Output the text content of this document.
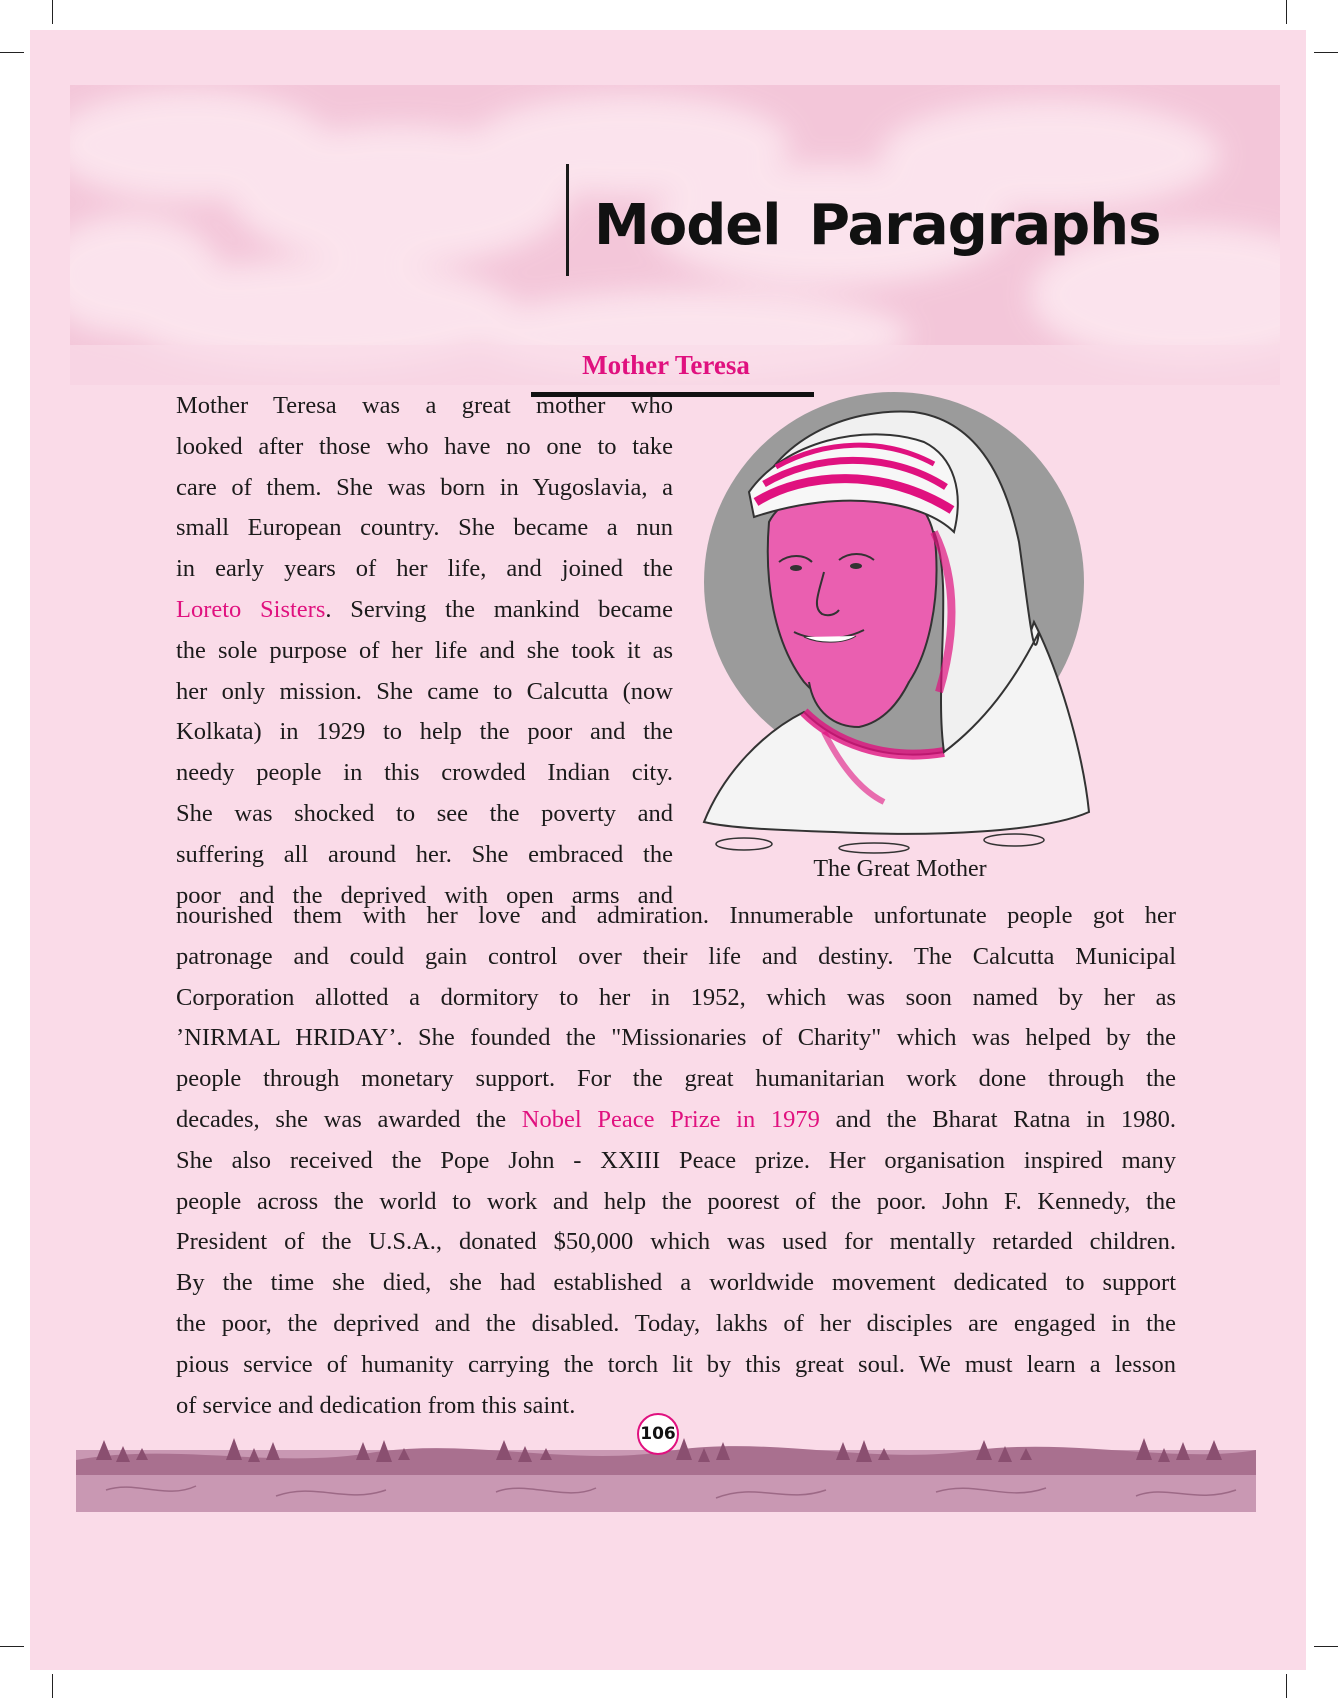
Model Paragraphs
Mother Teresa
Mother Teresa was a great mother who
looked after those who have no one to take
care of them. She was born in Yugoslavia, a
small European country. She became a nun
in early years of her life, and joined the
Loreto Sisters. Serving the mankind became
the sole purpose of her life and she took it as
her only mission. She came to Calcutta (now
Kolkata) in 1929 to help the poor and the
needy people in this crowded Indian city.
She was shocked to see the poverty and
suffering all around her. She embraced the
poor and the deprived with open arms and

The Great Mother

nourished them with her love and admiration. Innumerable unfortunate people got her
patronage and could gain control over their life and destiny. The Calcutta Municipal
Corporation allotted a dormitory to her in 1952, which was soon named by her as
’NIRMAL HRIDAY’. She founded the "Missionaries of Charity" which was helped by the
people through monetary support. For the great humanitarian work done through the
decades, she was awarded the Nobel Peace Prize in 1979 and the Bharat Ratna in 1980.
She also received the Pope John - XXIII Peace prize. Her organisation inspired many
people across the world to work and help the poorest of the poor. John F. Kennedy, the
President of the U.S.A., donated $50,000 which was used for mentally retarded children.
By the time she died, she had established a worldwide movement dedicated to support
the poor, the deprived and the disabled. Today, lakhs of her disciples are engaged in the
pious service of humanity carrying the torch lit by this great soul. We must learn a lesson
of service and dedication from this saint.
106
